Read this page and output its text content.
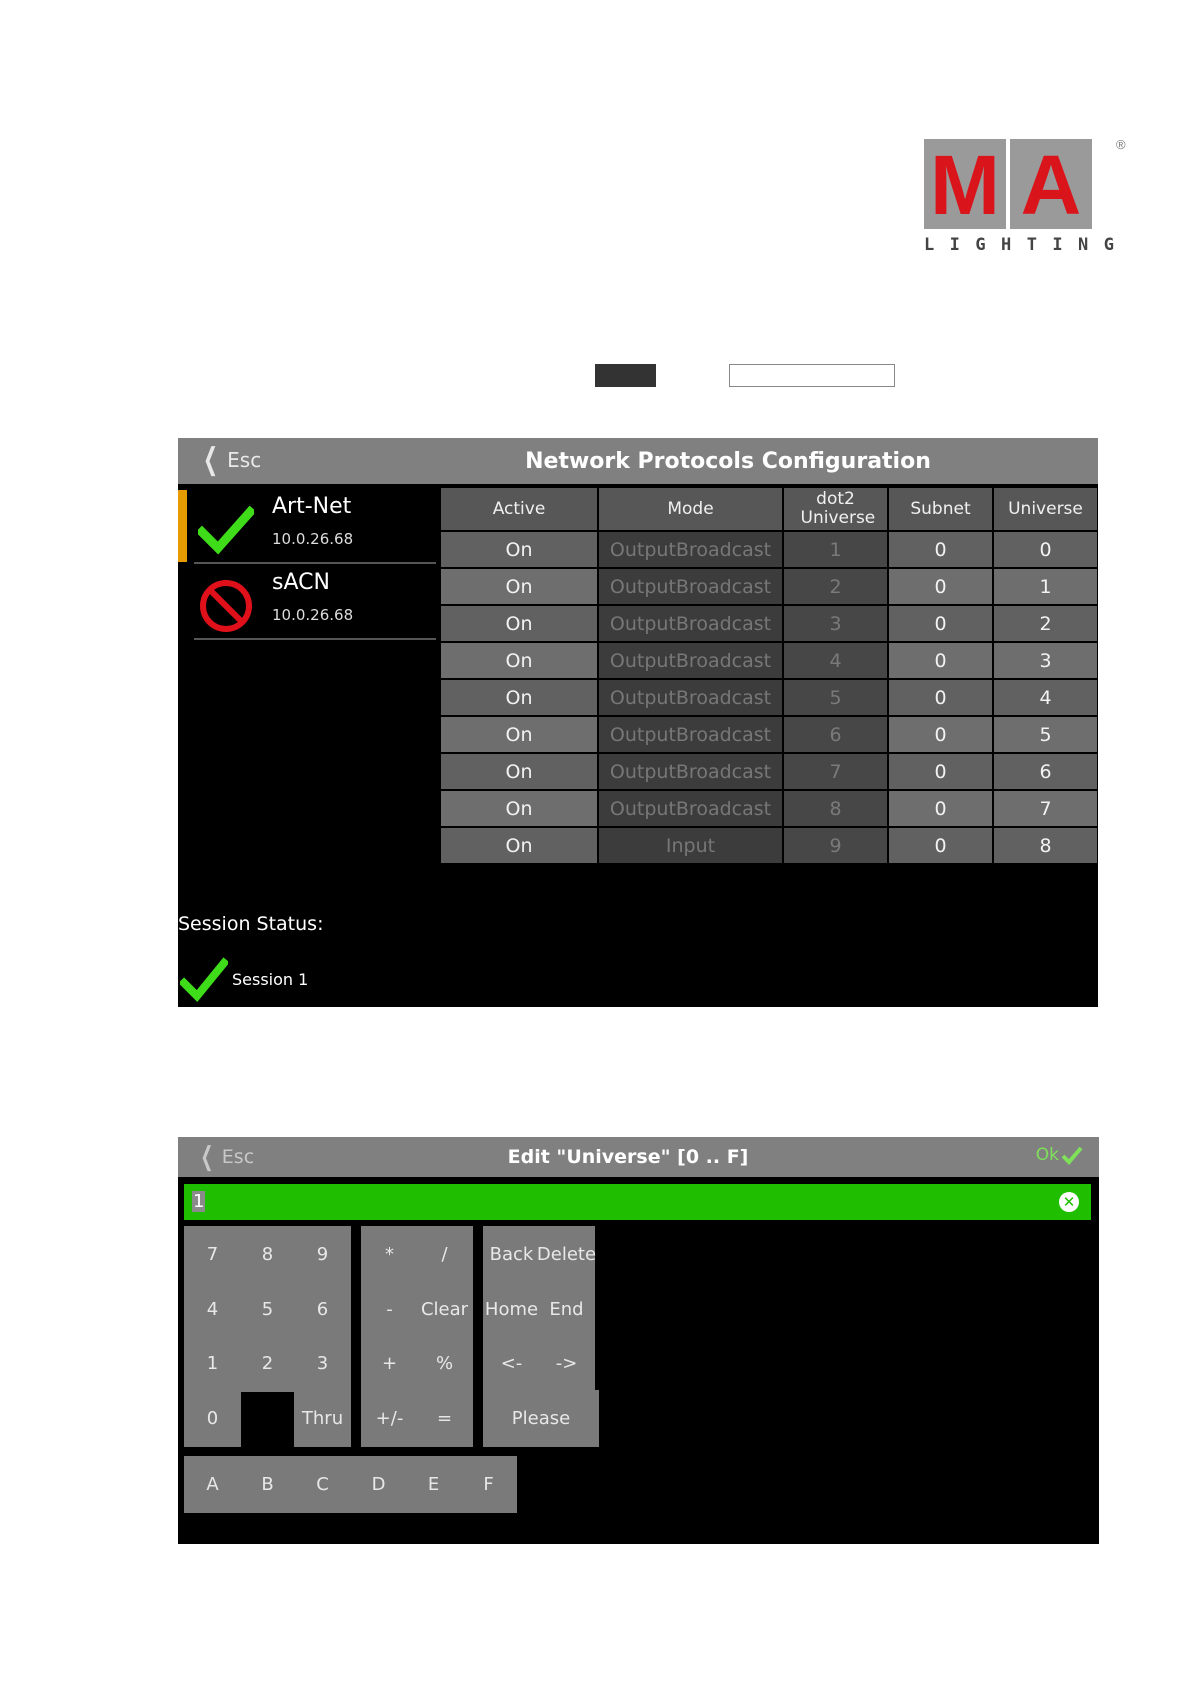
M A	®
L I G H T I N G
❮ Esc	Network Protocols Configuration
Art-Net
10.0.26.68
sACN
10.0.26.68
Active	Mode	dot2 Universe	Subnet	Universe
On	OutputBroadcast	1	0	0
On	OutputBroadcast	2	0	1
On	OutputBroadcast	3	0	2
On	OutputBroadcast	4	0	3
On	OutputBroadcast	5	0	4
On	OutputBroadcast	6	0	5
On	OutputBroadcast	7	0	6
On	OutputBroadcast	8	0	7
On	Input	9	0	8
Session Status:
Session 1
❮ Esc	Edit "Universe" [0 .. F]	Ok
1	✕
7	8	9	*	/	Back Delete
4	5	6	-	Clear Home End
1	2	3	+	%	<-	->
0	Thru	+/-	=	Please
A	B	C	D	E	F
